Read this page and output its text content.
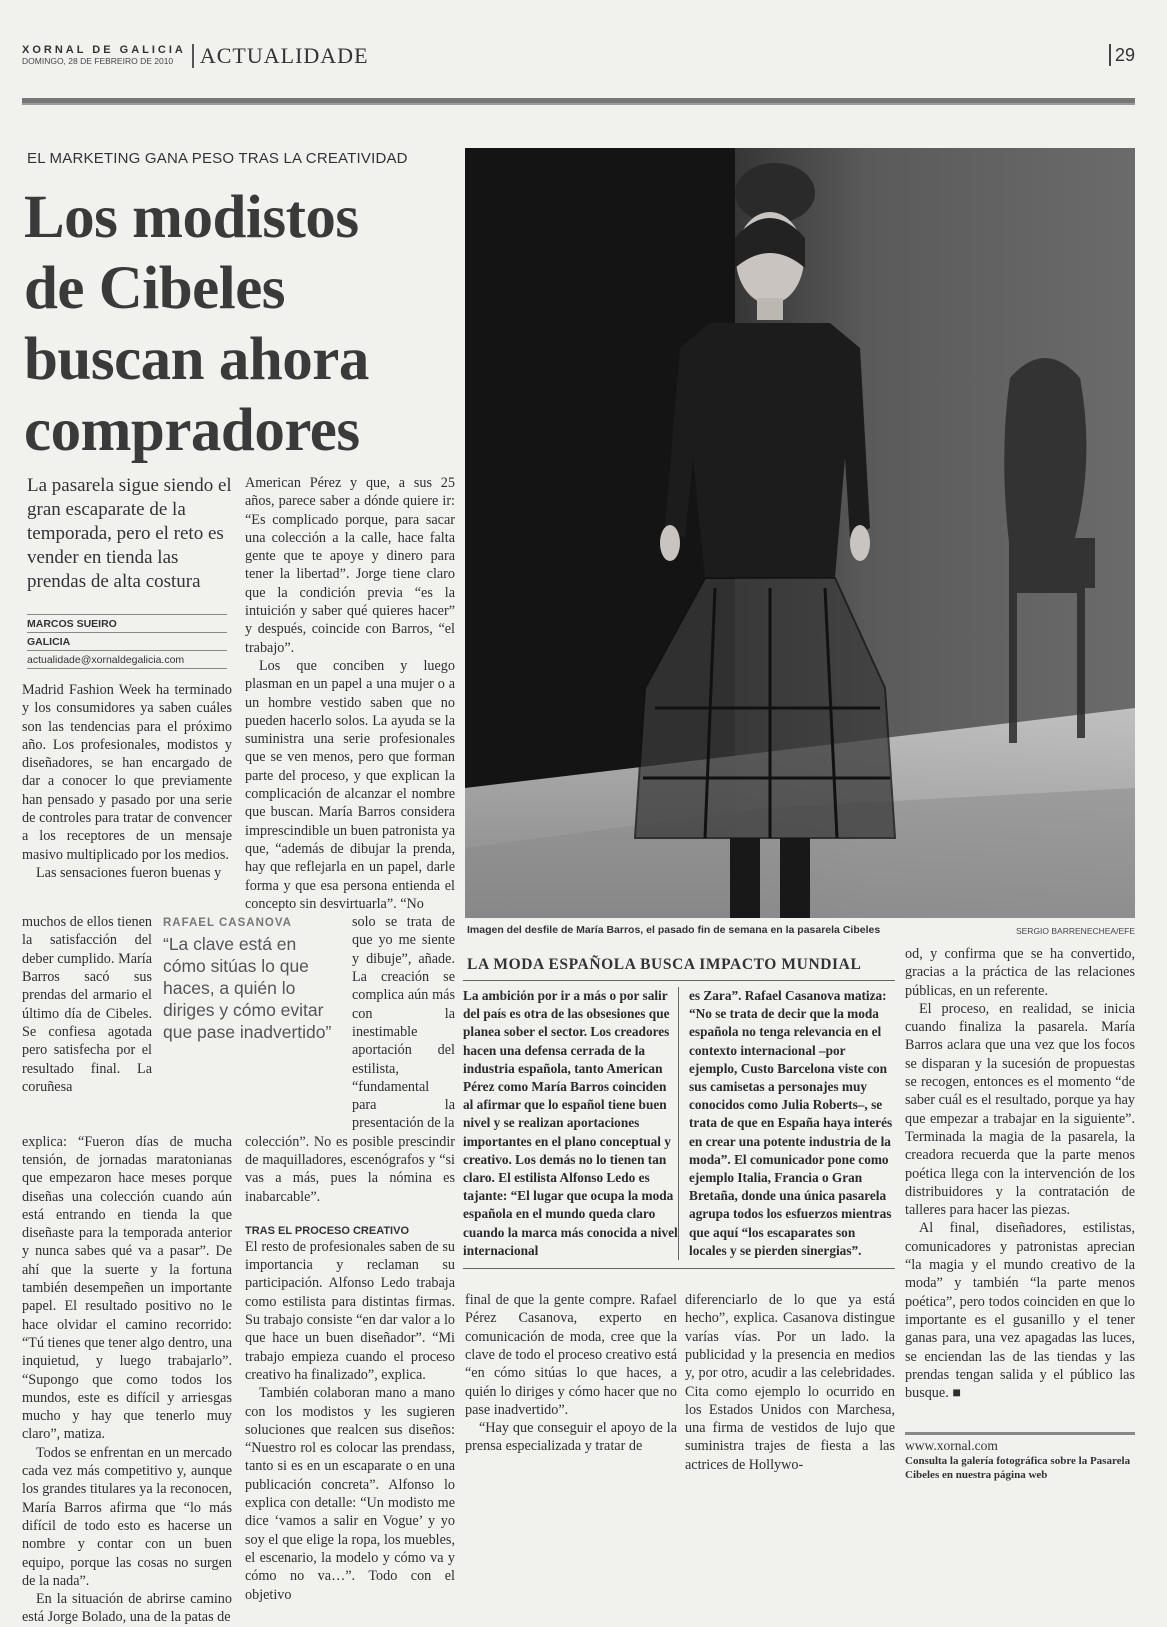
XORNAL DE GALICIA
DOMINGO, 28 DE FEBREIRO DE 2010	ACTUALIDADE	29
EL MARKETING GANA PESO TRAS LA CREATIVIDAD
Los modistos
de Cibeles
buscan ahora
compradores
La pasarela sigue siendo el gran escaparate de la temporada, pero el reto es vender en tienda las prendas de alta costura
MARCOS SUEIRO
GALICIA
actualidade@xornaldegalicia.com

Madrid Fashion Week ha terminado y los consumidores ya saben cuáles son las tendencias para el próximo año. Los profesionales, modistos y diseñadores, se han encargado de dar a conocer lo que previamente han pensado y pasado por una serie de controles para tratar de convencer a los receptores de un mensaje masivo multiplicado por los medios.

Las sensaciones fueron buenas y

American Pérez y que, a sus 25 años, parece saber a dónde quiere ir: “Es complicado porque, para sacar una colección a la calle, hace falta gente que te apoye y dinero para tener la libertad”. Jorge tiene claro que la condición previa “es la intuición y saber qué quieres hacer” y después, coincide con Barros, “el trabajo”.

Los que conciben y luego plasman en un papel a una mujer o a un hombre vestido saben que no pueden hacerlo solos. La ayuda se la suministra una serie profesionales que se ven menos, pero que forman parte del proceso, y que explican la complicación de alcanzar el nombre que buscan. María Barros considera imprescindible un buen patronista ya que, “además de dibujar la prenda, hay que reflejarla en un papel, darle forma y que esa persona entienda el concepto sin desvirtuarla”. “No

muchos de ellos tienen la satisfacción del deber cumplido. María Barros sacó sus prendas del armario el último día de Cibeles. Se confiesa agotada pero satisfecha por el resultado final. La coruñesa

RAFAEL CASANOVA
“La clave está en cómo sitúas lo que haces, a quién lo diriges y cómo evitar que pase inadvertido”

solo se trata de que yo me siente y dibuje”, añade. La creación se complica aún más con la inestimable aportación del estilista, “fundamental para la presentación de la

explica: “Fueron días de mucha tensión, de jornadas maratonianas que empezaron hace meses porque diseñas una colección cuando aún está entrando en tienda la que diseñaste para la temporada anterior y nunca sabes qué va a pasar”. De ahí que la suerte y la fortuna también desempeñen un importante papel. El resultado positivo no le hace olvidar el camino recorrido: “Tú tienes que tener algo dentro, una inquietud, y luego trabajarlo”. “Supongo que como todos los mundos, este es difícil y arriesgas mucho y hay que tenerlo muy claro”, matiza.

Todos se enfrentan en un mercado cada vez más competitivo y, aunque los grandes titulares ya la reconocen, María Barros afirma que “lo más difícil de todo esto es hacerse un nombre y contar con un buen equipo, porque las cosas no surgen de la nada”.

En la situación de abrirse camino está Jorge Bolado, una de la patas de

colección”. No es posible prescindir de maquilladores, escenógrafos y “si vas a más, pues la nómina es inabarcable”.

TRAS EL PROCESO CREATIVO

El resto de profesionales saben de su importancia y reclaman su participación. Alfonso Ledo trabaja como estilista para distintas firmas. Su trabajo consiste “en dar valor a lo que hace un buen diseñador”. “Mi trabajo empieza cuando el proceso creativo ha finalizado”, explica.

También colaboran mano a mano con los modistos y les sugieren soluciones que realcen sus diseños: “Nuestro rol es colocar las prendass, tanto si es en un escaparate o en una publicación concreta”. Alfonso lo explica con detalle: “Un modisto me dice ‘vamos a salir en Vogue’ y yo soy el que elige la ropa, los muebles, el escenario, la modelo y cómo va y cómo no va…”. Todo con el objetivo

Imagen del desfile de María Barros, el pasado fin de semana en la pasarela Cibeles	SERGIO BARRENECHEA/EFE
LA MODA ESPAÑOLA BUSCA IMPACTO MUNDIAL
La ambición por ir a más o por salir del país es otra de las obsesiones que planea sober el sector. Los creadores hacen una defensa cerrada de la industria española, tanto American Pérez como María Barros coinciden al afirmar que lo español tiene buen nivel y se realizan aportaciones importantes en el plano conceptual y creativo. Los demás no lo tienen tan claro. El estilista Alfonso Ledo es tajante: “El lugar que ocupa la moda española en el mundo queda claro cuando la marca más conocida a nivel internacional
es Zara”. Rafael Casanova matiza: “No se trata de decir que la moda española no tenga relevancia en el contexto internacional –por ejemplo, Custo Barcelona viste con sus camisetas a personajes muy conocidos como Julia Roberts–, se trata de que en España haya interés en crear una potente industria de la moda”. El comunicador pone como ejemplo Italia, Francia o Gran Bretaña, donde una única pasarela agrupa todos los esfuerzos mientras que aquí “los escaparates son locales y se pierden sinergias”.

final de que la gente compre. Rafael Pérez Casanova, experto en comunicación de moda, cree que la clave de todo el proceso creativo está “en cómo sitúas lo que haces, a quién lo diriges y cómo hacer que no pase inadvertido”.

“Hay que conseguir el apoyo de la prensa especializada y tratar de

diferenciarlo de lo que ya está hecho”, explica. Casanova distingue varías vías. Por un lado. la publicidad y la presencia en medios y, por otro, acudir a las celebridades. Cita como ejemplo lo ocurrido en los Estados Unidos con Marchesa, una firma de vestidos de lujo que suministra trajes de fiesta a las actrices de Hollywo-

od, y confirma que se ha convertido, gracias a la práctica de las relaciones públicas, en un referente.

El proceso, en realidad, se inicia cuando finaliza la pasarela. María Barros aclara que una vez que los focos se disparan y la sucesión de propuestas se recogen, entonces es el momento “de saber cuál es el resultado, porque ya hay que empezar a trabajar en la siguiente”. Terminada la magia de la pasarela, la creadora recuerda que la parte menos poética llega con la intervención de los distribuidores y la contratación de talleres para hacer las piezas.

Al final, diseñadores, estilistas, comunicadores y patronistas aprecian “la magia y el mundo creativo de la moda” y también “la parte menos poética”, pero todos coinciden en que lo importante es el gusanillo y el tener ganas para, una vez apagadas las luces, se enciendan las de las tiendas y las prendas tengan salida y el público las busque. ■

www.xornal.com
Consulta la galería fotográfica sobre la Pasarela Cibeles en nuestra página web
